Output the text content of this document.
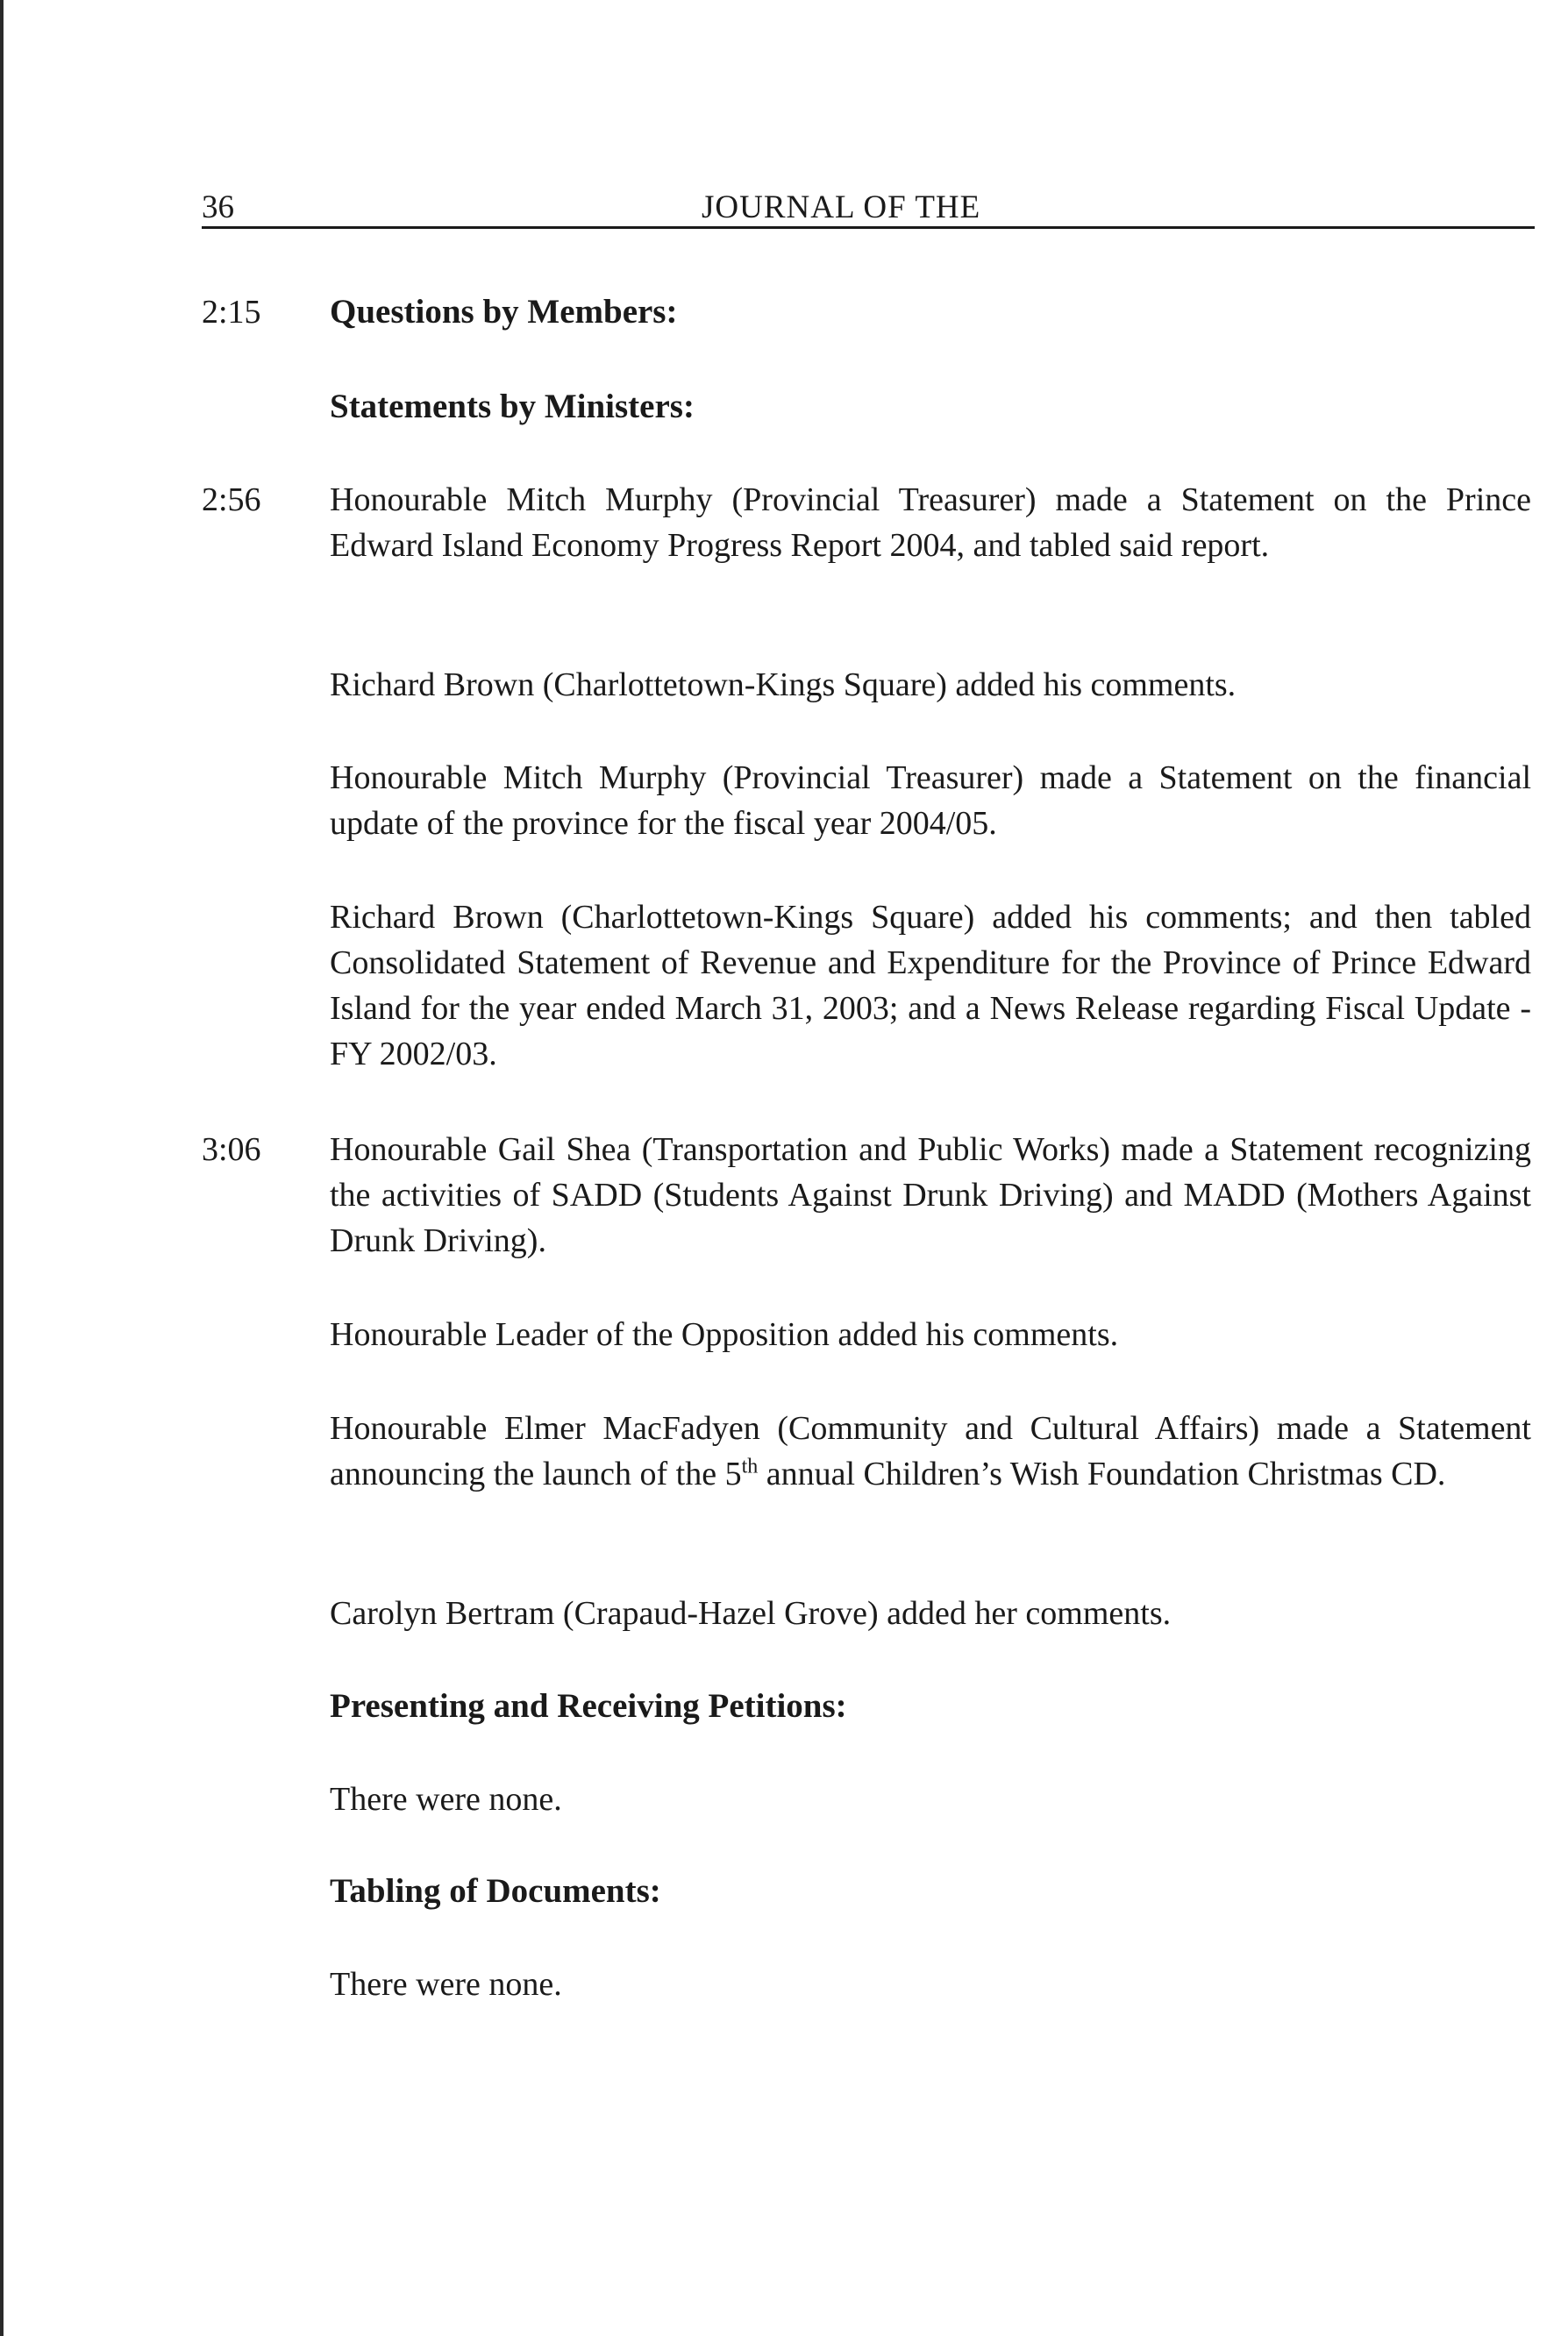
36	JOURNAL OF THE
2:15 Questions by Members:
Statements by Ministers:
2:56 Honourable Mitch Murphy (Provincial Treasurer) made a Statement on the Prince Edward Island Economy Progress Report 2004, and tabled said report.

Richard Brown (Charlottetown-Kings Square) added his comments.

Honourable Mitch Murphy (Provincial Treasurer) made a Statement on the financial update of the province for the fiscal year 2004/05.

Richard Brown (Charlottetown-Kings Square) added his comments; and then tabled Consolidated Statement of Revenue and Expenditure for the Province of Prince Edward Island for the year ended March 31, 2003; and a News Release regarding Fiscal Update - FY 2002/03.

3:06 Honourable Gail Shea (Transportation and Public Works) made a Statement recognizing the activities of SADD (Students Against Drunk Driving) and MADD (Mothers Against Drunk Driving).

Honourable Leader of the Opposition added his comments.

Honourable Elmer MacFadyen (Community and Cultural Affairs) made a Statement announcing the launch of the 5th annual Children’s Wish Foundation Christmas CD.

Carolyn Bertram (Crapaud-Hazel Grove) added her comments.

Presenting and Receiving Petitions:

There were none.

Tabling of Documents:

There were none.
